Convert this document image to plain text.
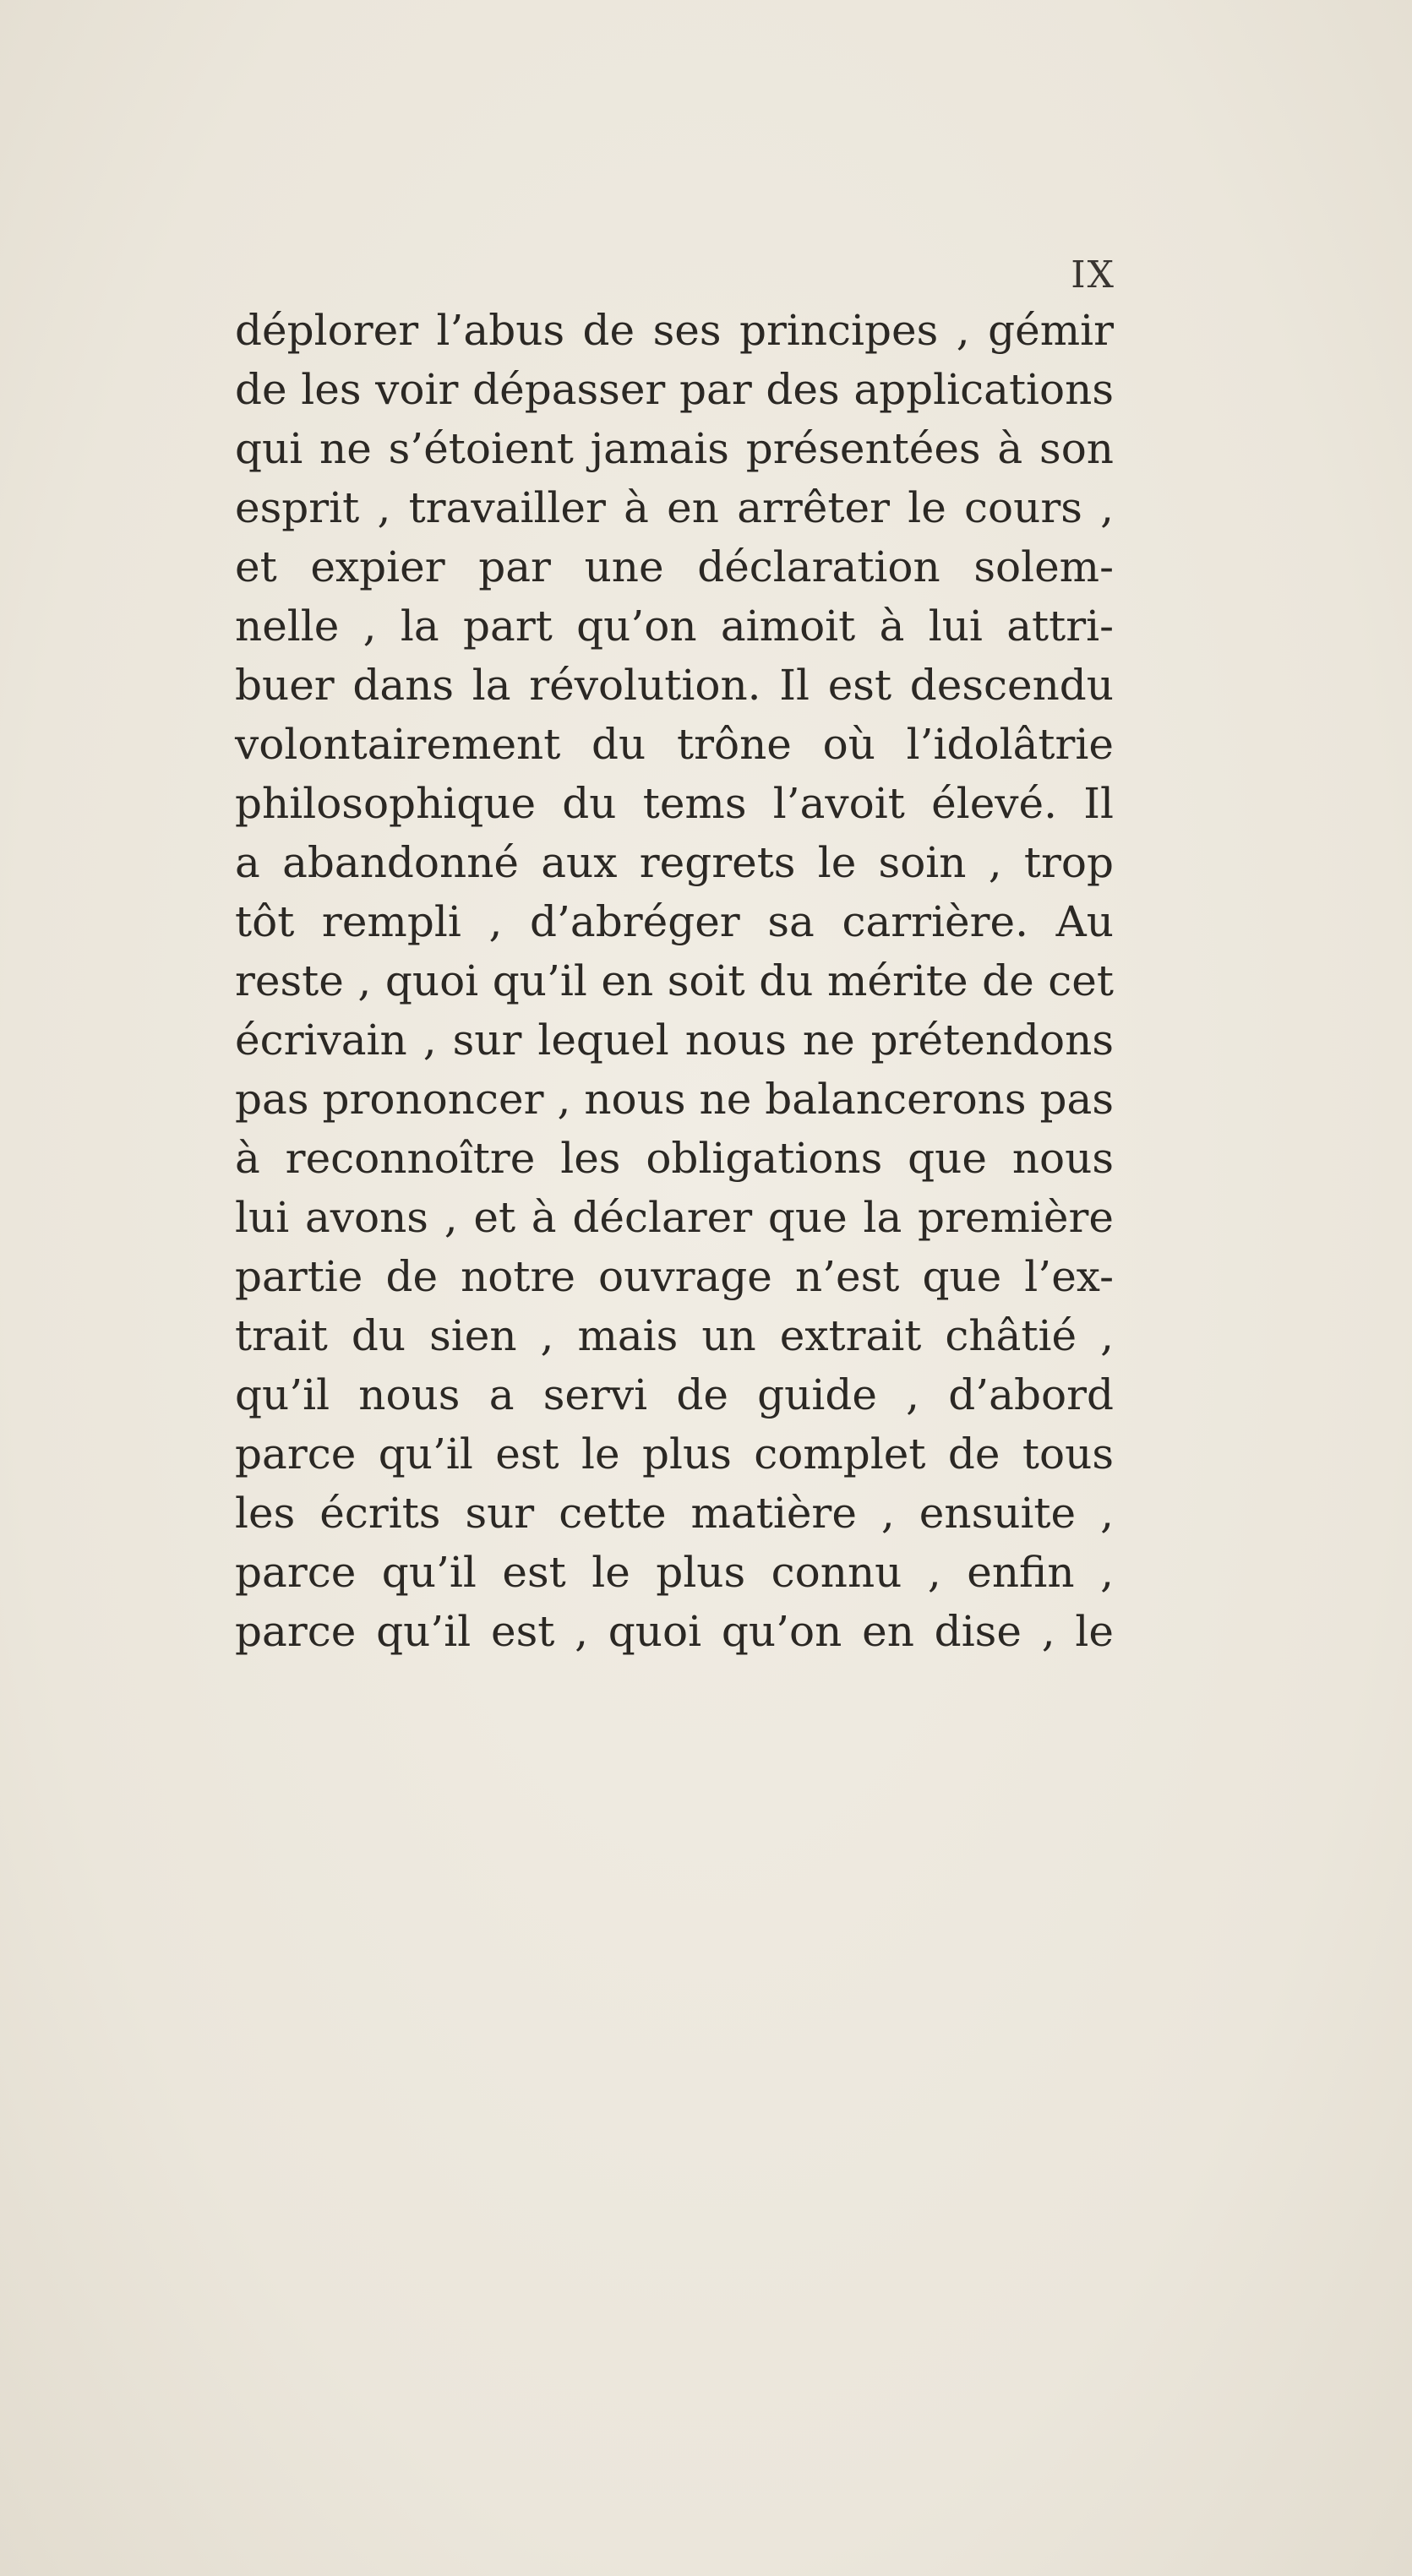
IX
déplorer l’abus de ses principes , gémir
de les voir dépasser par des applications
qui ne s’étoient jamais présentées à son
esprit , travailler à en arrêter le cours ,
et expier par une déclaration solem-
nelle , la part qu’on aimoit à lui attri-
buer dans la révolution. Il est descendu
volontairement du trône où l’idolâtrie
philosophique du tems l’avoit élevé. Il
a abandonné aux regrets le soin , trop
tôt rempli , d’abréger sa carrière. Au
reste , quoi qu’il en soit du mérite de cet
écrivain , sur lequel nous ne prétendons
pas prononcer , nous ne balancerons pas
à reconnoître les obligations que nous
lui avons , et à déclarer que la première
partie de notre ouvrage n’est que l’ex-
trait du sien , mais un extrait châtié ,
qu’il nous a servi de guide , d’abord
parce qu’il est le plus complet de tous
les écrits sur cette matière , ensuite ,
parce qu’il est le plus connu , enfin ,
parce qu’il est , quoi qu’on en dise , le
